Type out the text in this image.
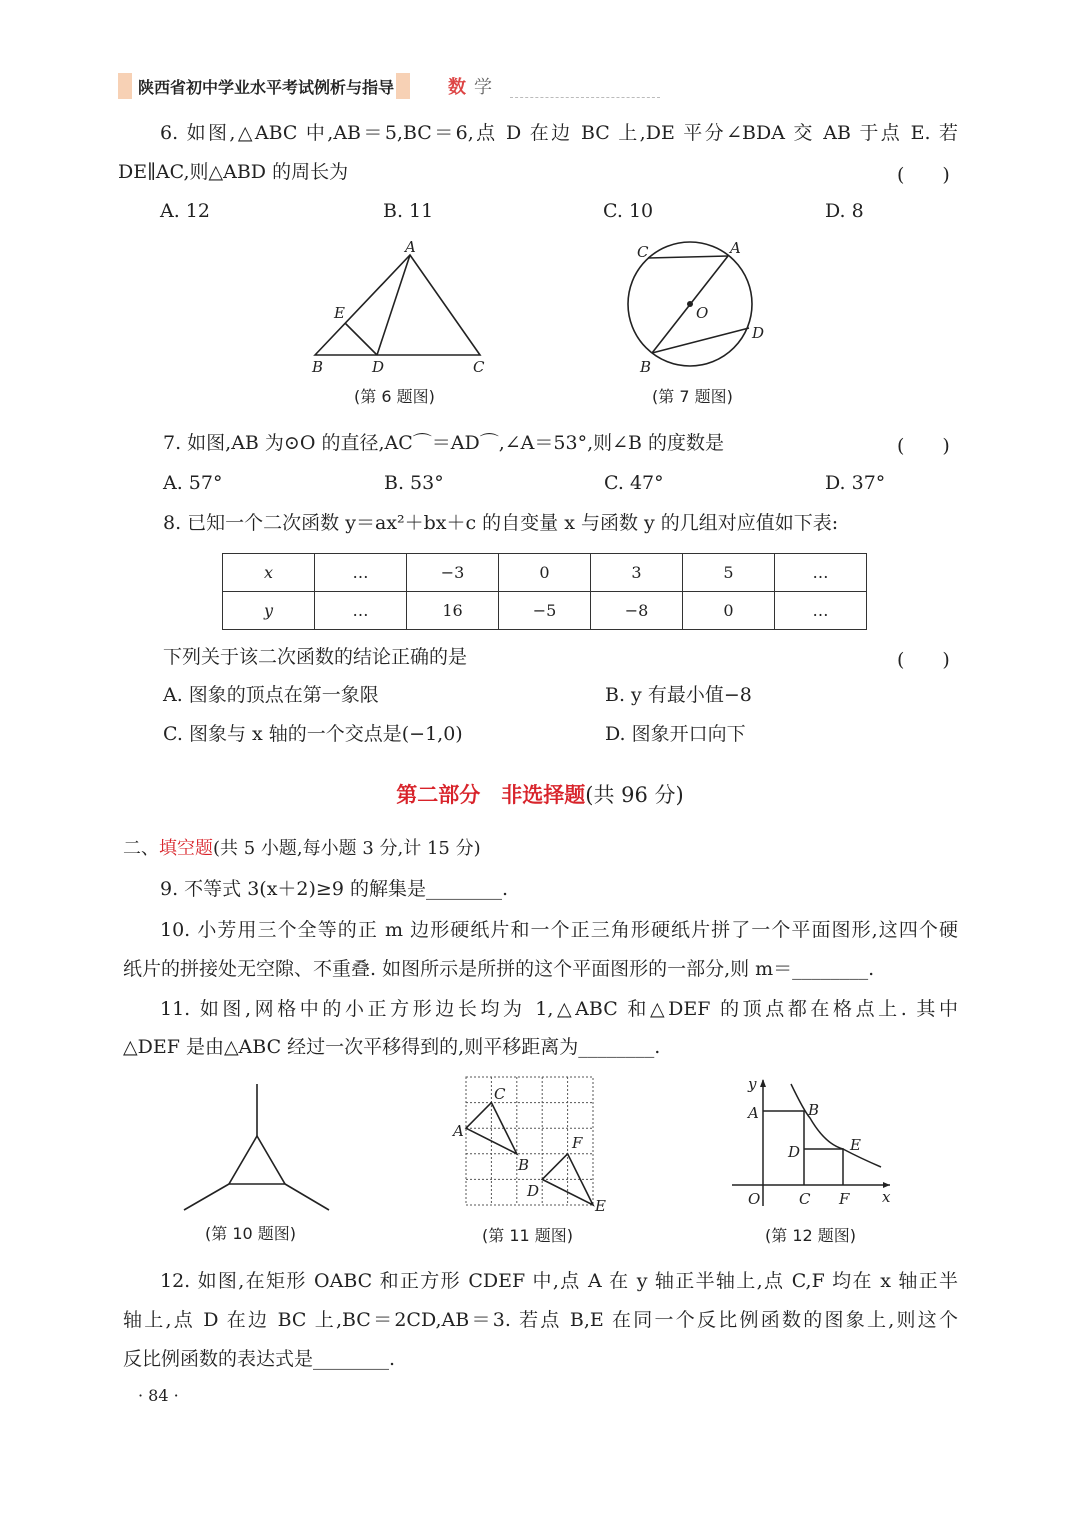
陕西省初中学业水平考试例析与指导	数 学
6. 如图,△ABC 中,AB＝5,BC＝6,点 D 在边 BC 上,DE 平分∠BDA 交 AB 于点 E. 若
DE∥AC,则△ABD 的周长为	(　　)
A. 12	B. 11	C. 10	D. 8
A
B	C
D
E
(第 6 题图)
A
C
B
D
O
(第 7 题图)
7. 如图,AB 为⊙O 的直径,AC⌒＝AD⌒,∠A＝53°,则∠B 的度数是	(　　)
A. 57°	B. 53°	C. 47°	D. 37°
8. 已知一个二次函数 y＝ax²＋bx＋c 的自变量 x 与函数 y 的几组对应值如下表:
x	…	−3	0	3	5	…
y	…	16	−5	−8	0	…
下列关于该二次函数的结论正确的是	(　　)
A. 图象的顶点在第一象限	B. y 有最小值−8
C. 图象与 x 轴的一个交点是(−1,0)	D. 图象开口向下
第二部分　非选择题(共 96 分)
二、填空题(共 5 小题,每小题 3 分,计 15 分)
9. 不等式 3(x＋2)≥9 的解集是________.
10. 小芳用三个全等的正 m 边形硬纸片和一个正三角形硬纸片拼了一个平面图形,这四个硬
纸片的拼接处无空隙、不重叠. 如图所示是所拼的这个平面图形的一部分,则 m＝________.
11. 如图,网格中的小正方形边长均为 1,△ABC 和△DEF 的顶点都在格点上. 其中
△DEF 是由△ABC 经过一次平移得到的,则平移距离为________.
(第 10 题图)
C
A
B
F
D
E
(第 11 题图)
y
A	B
D	E
O	C F x
(第 12 题图)
12. 如图,在矩形 OABC 和正方形 CDEF 中,点 A 在 y 轴正半轴上,点 C,F 均在 x 轴正半
轴上,点 D 在边 BC 上,BC＝2CD,AB＝3. 若点 B,E 在同一个反比例函数的图象上,则这个
反比例函数的表达式是________.
· 84 ·
